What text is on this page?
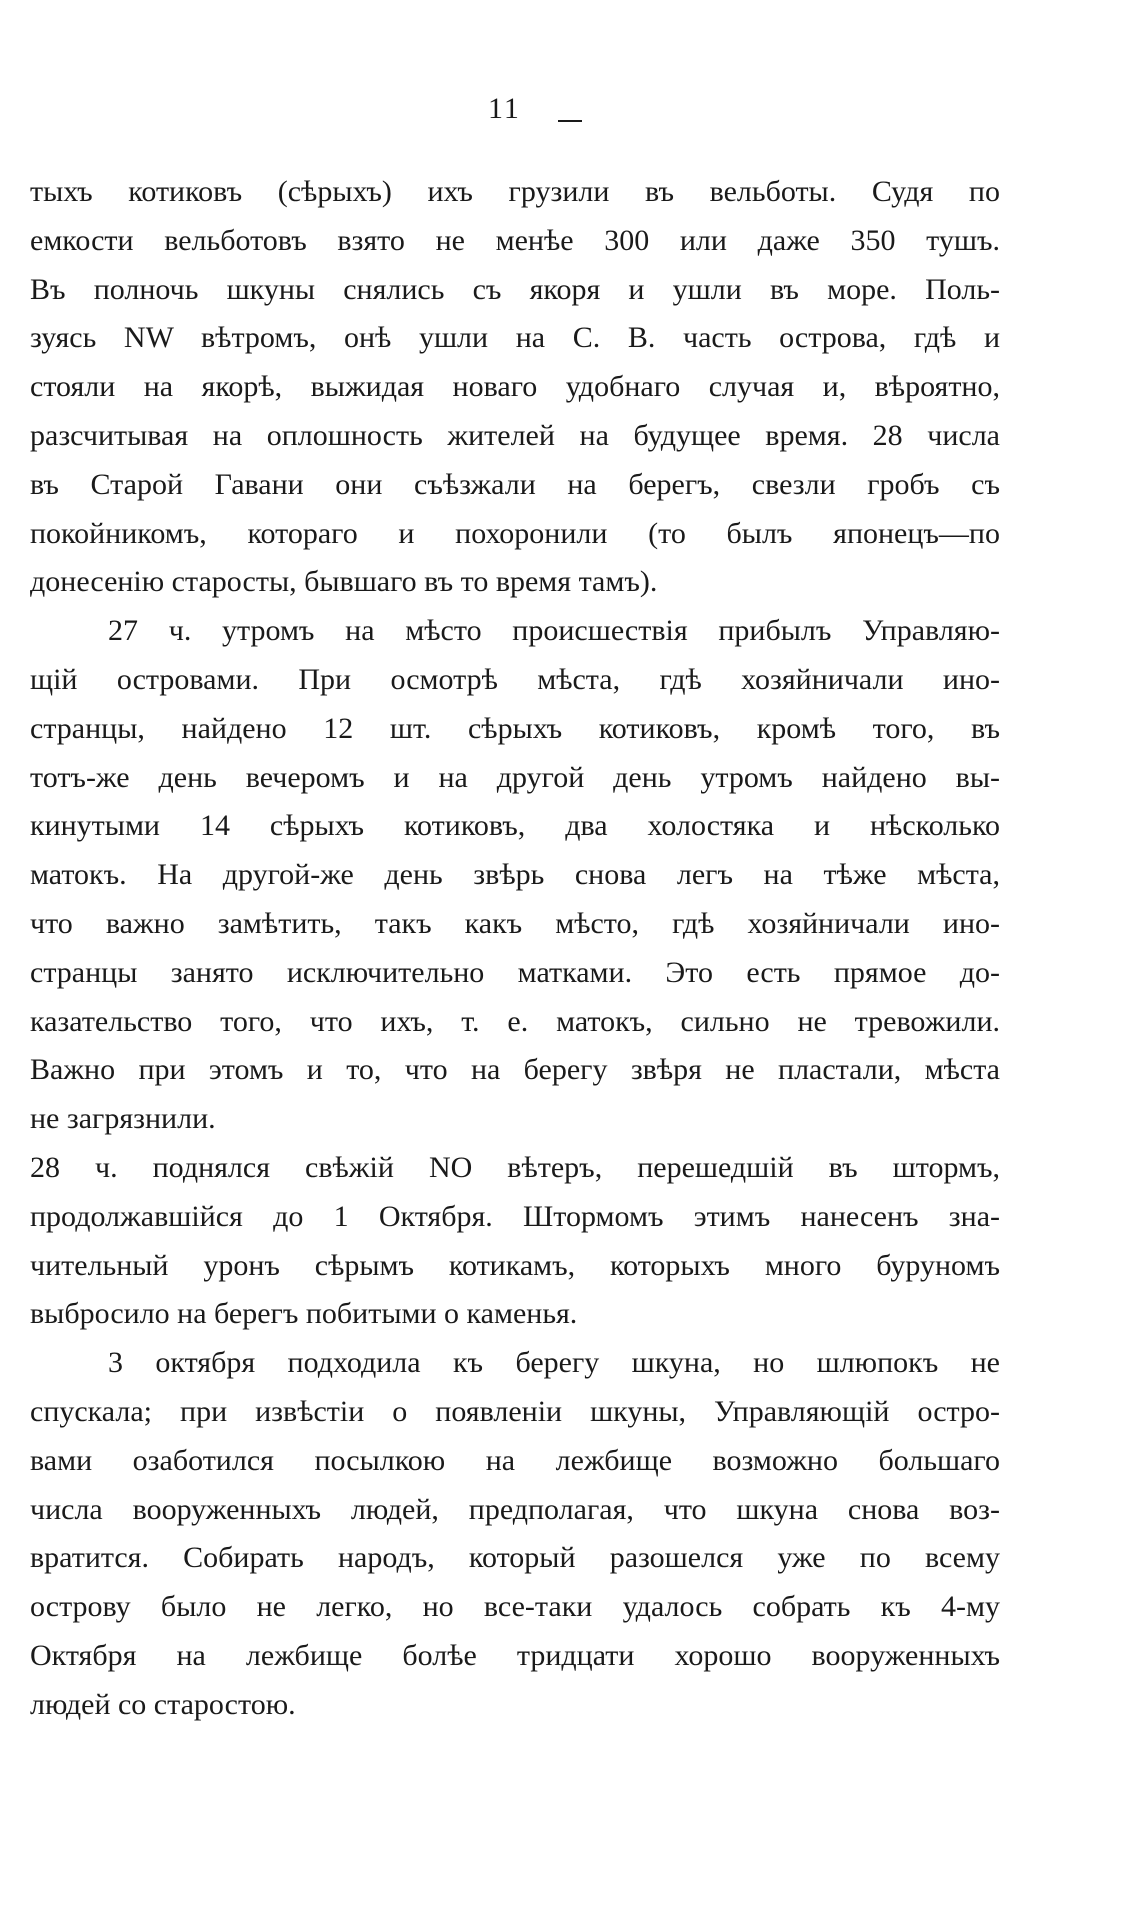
11
тыхъ котиковъ (сѣрыхъ) ихъ грузили въ вельботы. Судя по
емкости вельботовъ взято не менѣе 300 или даже 350 тушъ.
Въ полночь шкуны снялись съ якоря и ушли въ море. Поль-
зуясь NW вѣтромъ, онѣ ушли на С. В. часть острова, гдѣ и
стояли на якорѣ, выжидая новаго удобнаго случая и, вѣроятно,
разсчитывая на оплошность жителей на будущее время. 28 числа
въ Старой Гавани они съѣзжали на берегъ, свезли гробъ съ
покойникомъ, котораго и похоронили (то былъ японецъ—по
донесенію старосты, бывшаго въ то время тамъ).
27 ч. утромъ на мѣсто происшествія прибылъ Управляю-
щій островами. При осмотрѣ мѣста, гдѣ хозяйничали ино-
странцы, найдено 12 шт. сѣрыхъ котиковъ, кромѣ того, въ
тотъ-же день вечеромъ и на другой день утромъ найдено вы-
кинутыми 14 сѣрыхъ котиковъ, два холостяка и нѣсколько
матокъ. На другой-же день звѣрь снова легъ на тѣже мѣста,
что важно замѣтить, такъ какъ мѣсто, гдѣ хозяйничали ино-
странцы занято исключительно матками. Это есть прямое до-
казательство того, что ихъ, т. е. матокъ, сильно не тревожили.
Важно при этомъ и то, что на берегу звѣря не пластали, мѣста
не загрязнили.
28 ч. поднялся свѣжій NO вѣтеръ, перешедшій въ штормъ,
продолжавшійся до 1 Октября. Штормомъ этимъ нанесенъ зна-
чительный уронъ сѣрымъ котикамъ, которыхъ много буруномъ
выбросило на берегъ побитыми о каменья.
3 октября подходила къ берегу шкуна, но шлюпокъ не
спускала; при извѣстіи о появленіи шкуны, Управляющій остро-
вами озаботился посылкою на лежбище возможно большаго
числа вооруженныхъ людей, предполагая, что шкуна снова воз-
вратится. Собирать народъ, который разошелся уже по всему
острову было не легко, но все-таки удалось собрать къ 4-му
Октября на лежбище болѣе тридцати хорошо вооруженныхъ
людей со старостою.
